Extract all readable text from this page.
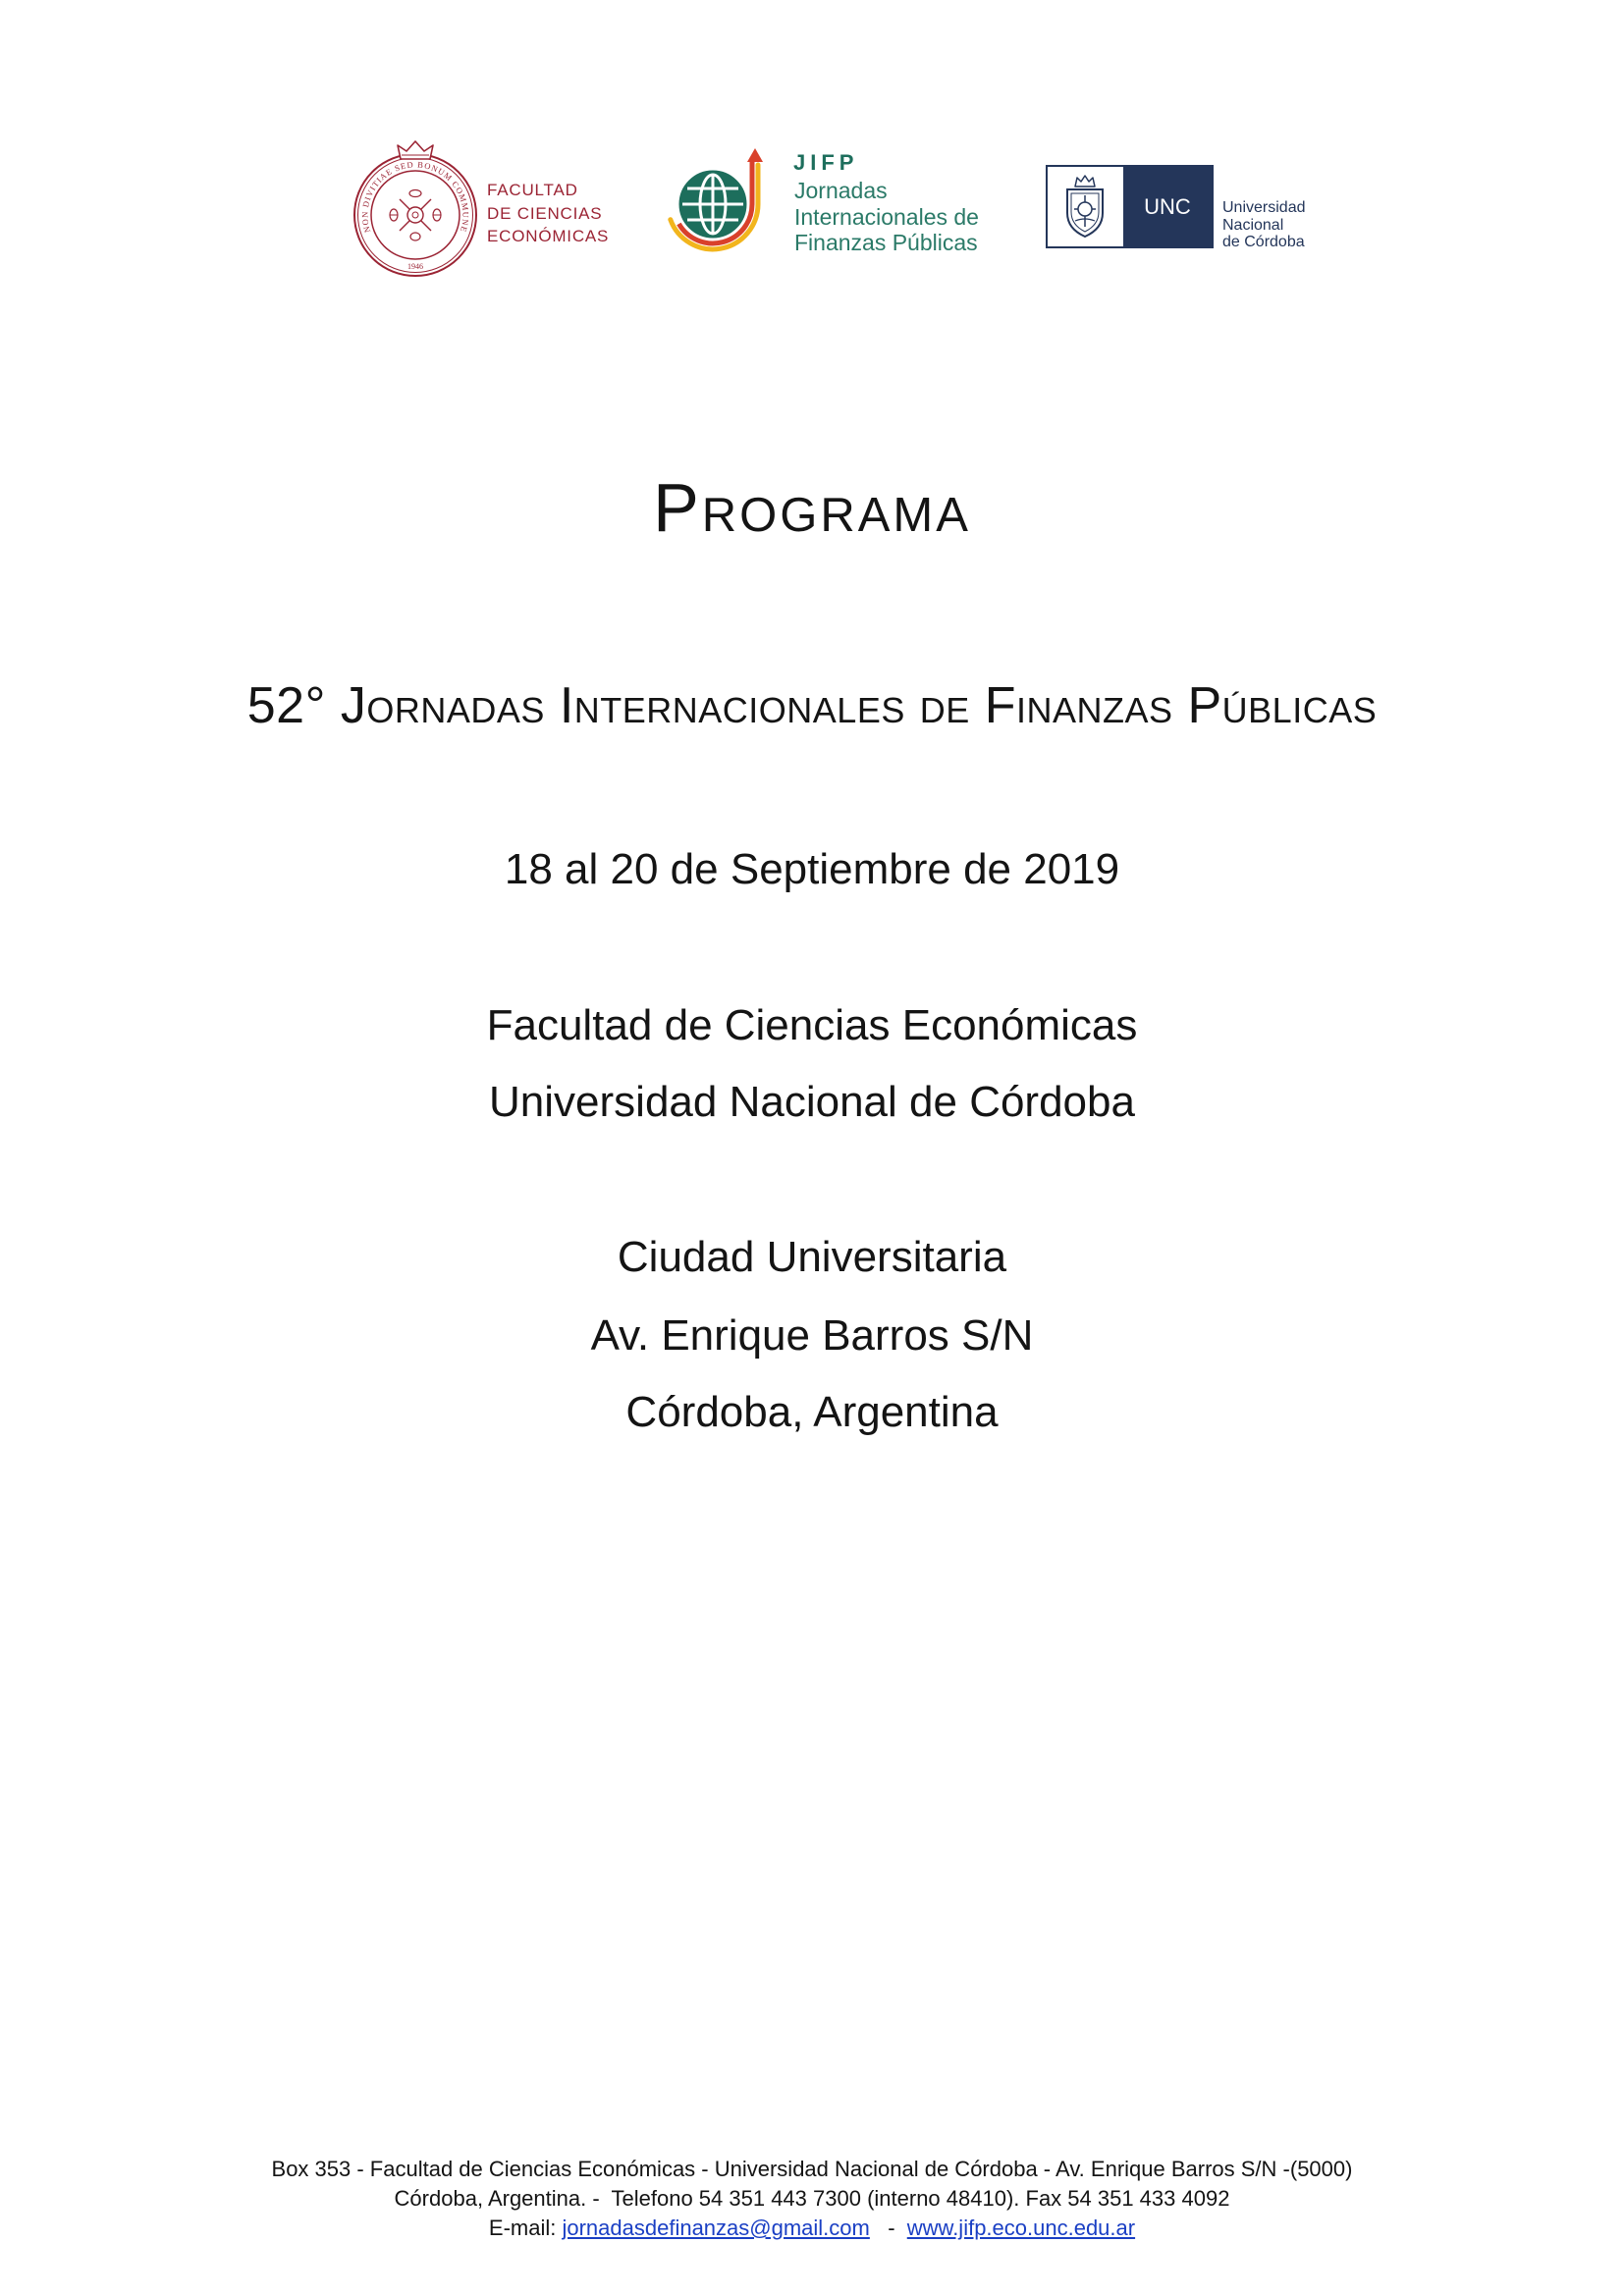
NON DIVITIAE SED BONUM COMMUNE
1946
FACULTAD
DE CIENCIAS
ECONÓMICAS
JIFP
Jornadas
Internacionales de
Finanzas Públicas
UNC	Universidad
Nacional
de Córdoba
Programa
52° Jornadas Internacionales de Finanzas Públicas
18 al 20 de Septiembre de 2019
Facultad de Ciencias Económicas
Universidad Nacional de Córdoba
Ciudad Universitaria
Av. Enrique Barros S/N
Córdoba, Argentina
Box 353 - Facultad de Ciencias Económicas - Universidad Nacional de Córdoba - Av. Enrique Barros S/N -(5000)
Córdoba, Argentina. -  Telefono 54 351 443 7300 (interno 48410). Fax 54 351 433 4092
E-mail: jornadasdefinanzas@gmail.com   -  www.jifp.eco.unc.edu.ar
